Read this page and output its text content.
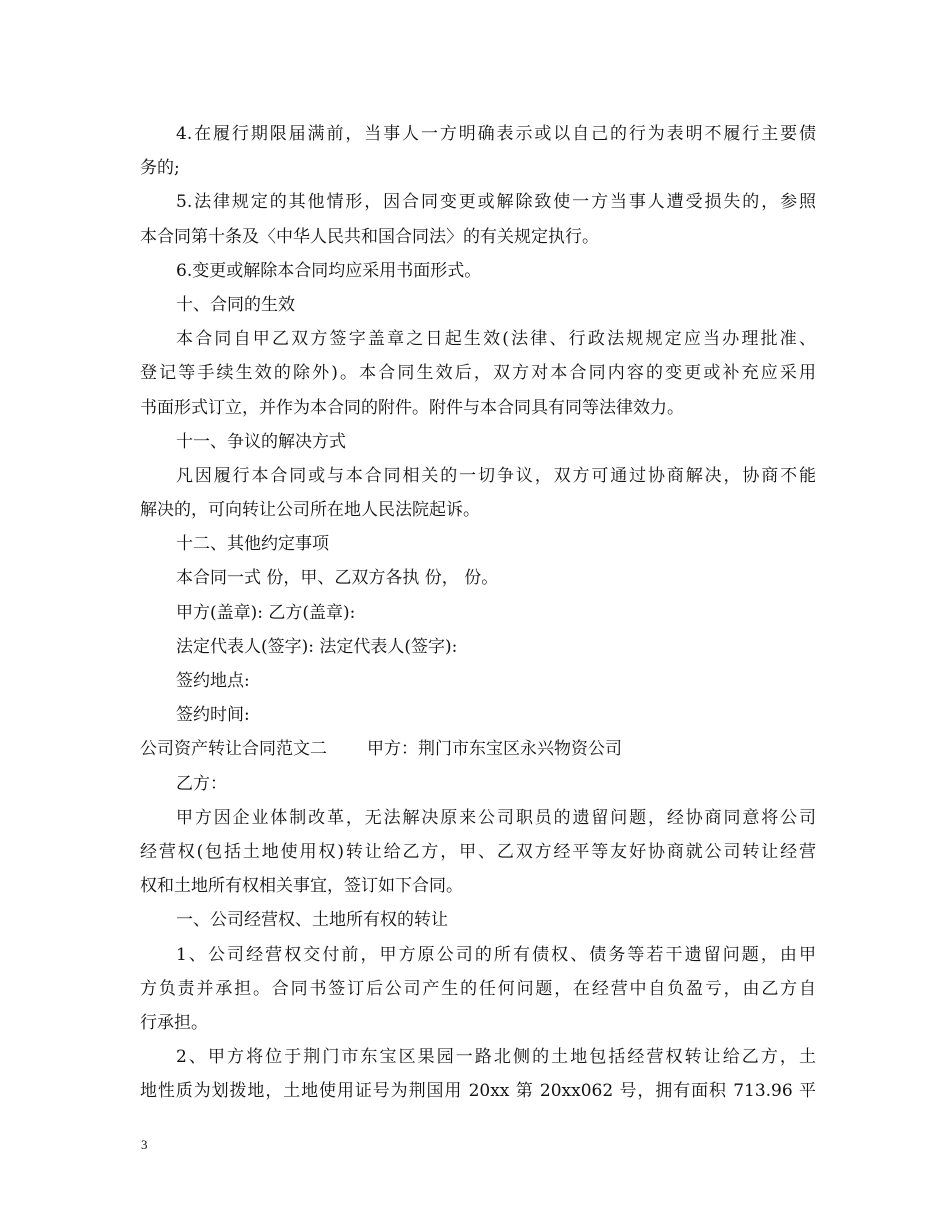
4.在履行期限届满前，当事人一方明确表示或以自己的行为表明不履行主要债
务的;
5.法律规定的其他情形，因合同变更或解除致使一方当事人遭受损失的，参照
本合同第十条及〈中华人民共和国合同法〉的有关规定执行。
6.变更或解除本合同均应采用书面形式。
十、合同的生效
本合同自甲乙双方签字盖章之日起生效(法律、行政法规规定应当办理批准、
登记等手续生效的除外)。本合同生效后，双方对本合同内容的变更或补充应采用
书面形式订立，并作为本合同的附件。附件与本合同具有同等法律效力。
十一、争议的解决方式
凡因履行本合同或与本合同相关的一切争议，双方可通过协商解决，协商不能
解决的，可向转让公司所在地人民法院起诉。
十二、其他约定事项
本合同一式 份，甲、乙双方各执 份， 份。
甲方(盖章): 乙方(盖章):
法定代表人(签字): 法定代表人(签字):
签约地点:
签约时间:
公司资产转让合同范文二 甲方：荆门市东宝区永兴物资公司
乙方：
甲方因企业体制改革，无法解决原来公司职员的遗留问题，经协商同意将公司
经营权(包括土地使用权)转让给乙方，甲、乙双方经平等友好协商就公司转让经营
权和土地所有权相关事宜，签订如下合同。
一、公司经营权、土地所有权的转让
1、公司经营权交付前，甲方原公司的所有债权、债务等若干遗留问题，由甲
方负责并承担。合同书签订后公司产生的任何问题，在经营中自负盈亏，由乙方自
行承担。
2、甲方将位于荆门市东宝区果园一路北侧的土地包括经营权转让给乙方，土
地性质为划拨地，土地使用证号为荆国用 20xx 第 20xx062 号，拥有面积 713.96 平
3
